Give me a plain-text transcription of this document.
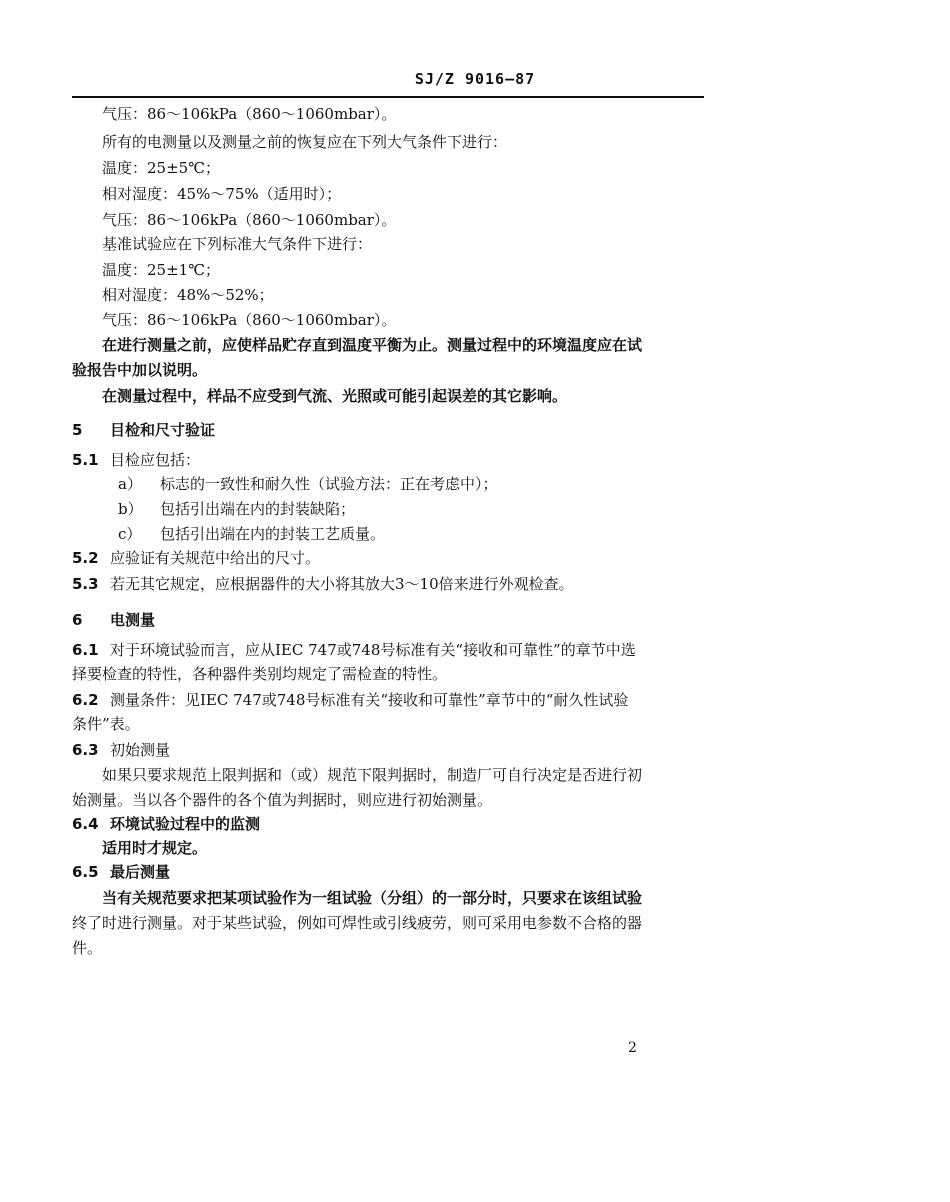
SJ/Z 9016—87
气压：86～106kPa（860～1060mbar）。
所有的电测量以及测量之前的恢复应在下列大气条件下进行：
温度：25±5℃；
相对湿度：45%～75%（适用时）；
气压：86～106kPa（860～1060mbar）。
基准试验应在下列标准大气条件下进行：
温度：25±1℃；
相对湿度：48%～52%；
气压：86～106kPa（860～1060mbar）。
在进行测量之前，应使样品贮存直到温度平衡为止。测量过程中的环境温度应在试
验报告中加以说明。
在测量过程中，样品不应受到气流、光照或可能引起误差的其它影响。
5 目检和尺寸验证
5.1 目检应包括：
a） 标志的一致性和耐久性（试验方法：正在考虑中）；
b） 包括引出端在内的封装缺陷；
c） 包括引出端在内的封装工艺质量。
5.2 应验证有关规范中给出的尺寸。
5.3 若无其它规定，应根据器件的大小将其放大3～10倍来进行外观检查。
6 电测量
6.1 对于环境试验而言，应从IEC 747或748号标准有关“接收和可靠性”的章节中选
择要检查的特性，各种器件类别均规定了需检查的特性。
6.2 测量条件：见IEC 747或748号标准有关“接收和可靠性”章节中的“耐久性试验
条件”表。
6.3 初始测量
如果只要求规范上限判据和（或）规范下限判据时，制造厂可自行决定是否进行初
始测量。当以各个器件的各个值为判据时，则应进行初始测量。
6.4 环境试验过程中的监测
适用时才规定。
6.5 最后测量
当有关规范要求把某项试验作为一组试验（分组）的一部分时，只要求在该组试验
终了时进行测量。对于某些试验，例如可焊性或引线疲劳，则可采用电参数不合格的器
件。
2
